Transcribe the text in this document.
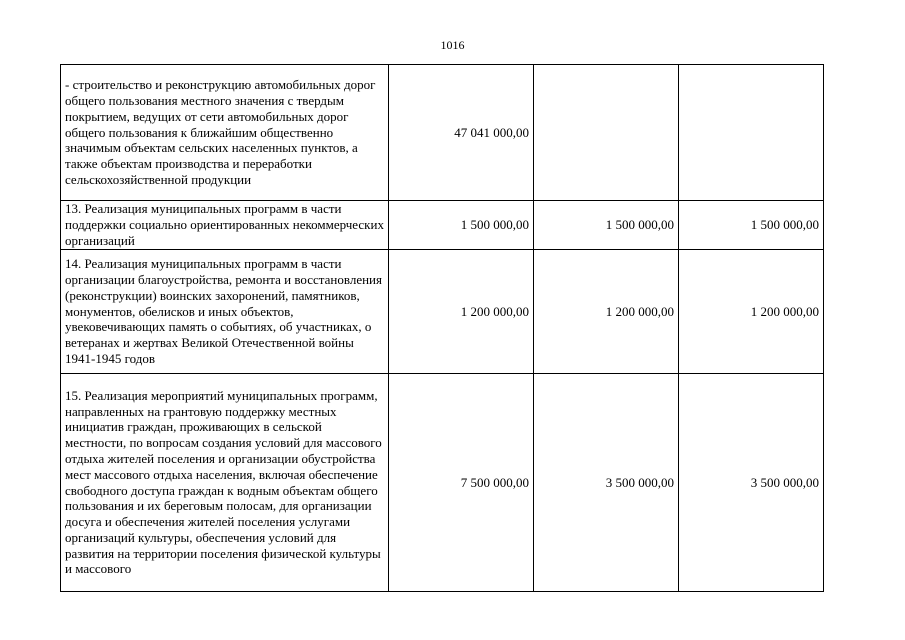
1016
- строительство и реконструкцию автомобильных дорог общего пользования местного значения с твердым покрытием, ведущих от сети автомобильных дорог общего пользования к ближайшим общественно значимым объектам сельских населенных пунктов, а также объектам производства и переработки сельскохозяйственной продукции	47 041 000,00		
13. Реализация муниципальных программ в части поддержки социально ориентированных некоммерческих организаций	1 500 000,00	1 500 000,00	1 500 000,00
14. Реализация муниципальных программ в части организации благоустройства, ремонта и восстановления (реконструкции) воинских захоронений, памятников, монументов, обелисков и иных объектов, увековечивающих память о событиях, об участниках, о ветеранах и жертвах Великой Отечественной войны 1941-1945 годов	1 200 000,00	1 200 000,00	1 200 000,00
15. Реализация мероприятий муниципальных программ, направленных на грантовую поддержку местных инициатив граждан, проживающих в сельской местности, по вопросам создания условий для массового отдыха жителей поселения и организации обустройства мест массового отдыха населения, включая обеспечение свободного доступа граждан к водным объектам общего пользования и их береговым полосам, для организации досуга и обеспечения жителей поселения услугами организаций культуры, обеспечения условий для развития на территории поселения физической культуры и массового	7 500 000,00	3 500 000,00	3 500 000,00
